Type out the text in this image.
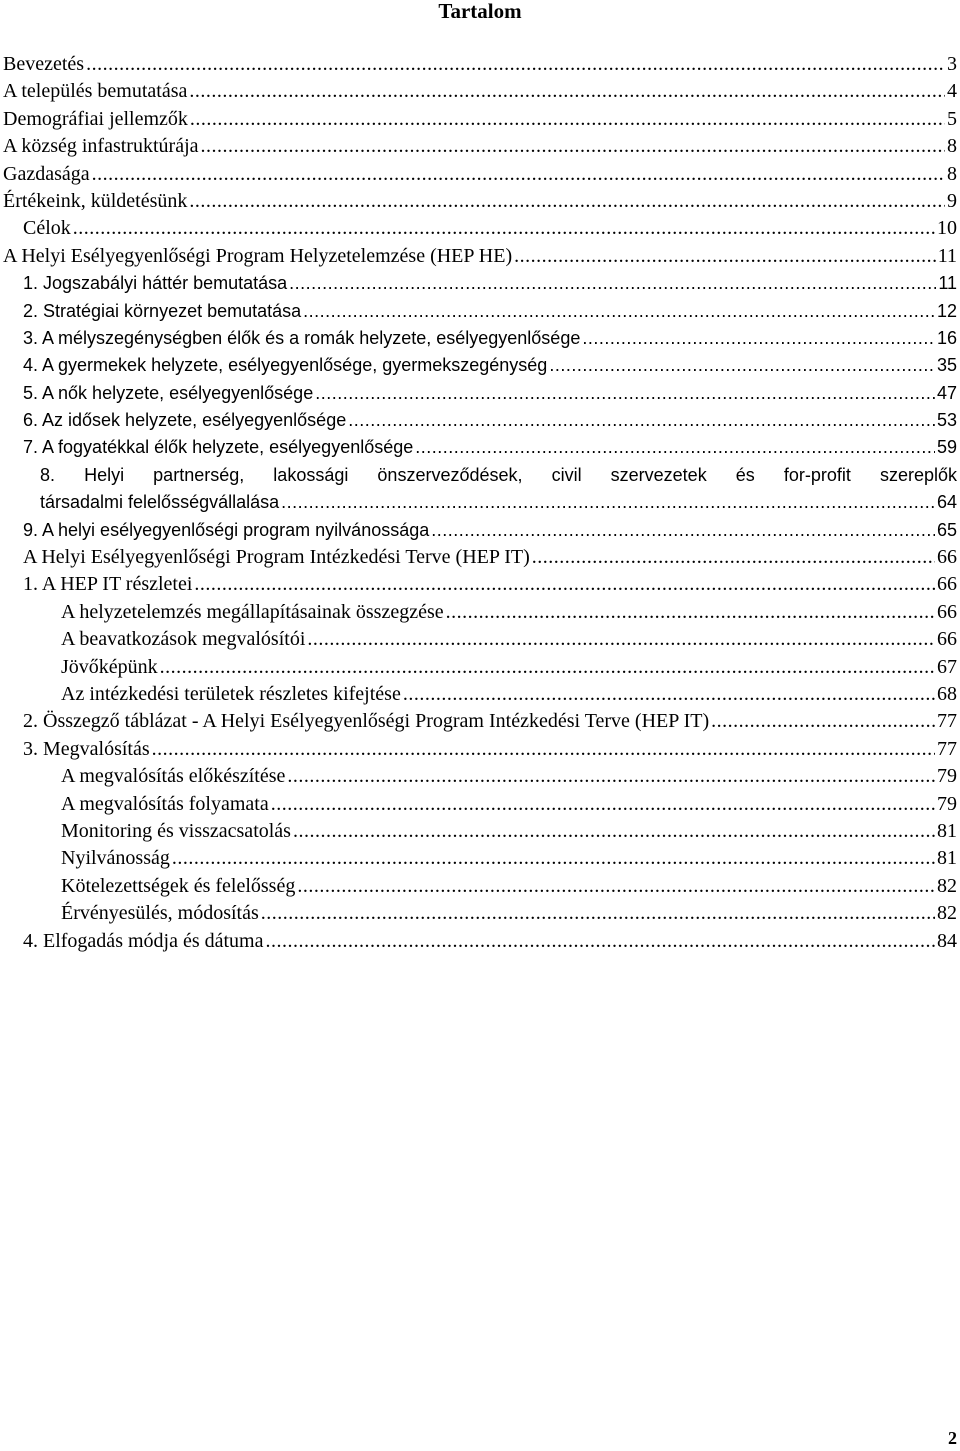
Tartalom
Bevezetés .....	3
A település bemutatása .....	4
Demográfiai jellemzők .....	5
A község infastruktúrája .....	8
Gazdasága .....	8
Értékeink, küldetésünk .....	9
Célok .....	10
A Helyi Esélyegyenlőségi Program Helyzetelemzése (HEP HE) .....	11
1. Jogszabályi háttér bemutatása .....	11
2. Stratégiai környezet bemutatása .....	12
3. A mélyszegénységben élők és a romák helyzete, esélyegyenlősége .....	16
4. A gyermekek helyzete, esélyegyenlősége, gyermekszegénység .....	35
5. A nők helyzete, esélyegyenlősége .....	47
6. Az idősek helyzete, esélyegyenlősége .....	53
7. A fogyatékkal élők helyzete, esélyegyenlősége .....	59
8. Helyi partnerség, lakossági önszerveződések, civil szervezetek és for-profit szereplők
társadalmi felelősségvállalása .....	64
9. A helyi esélyegyenlőségi program nyilvánossága .....	65
A Helyi Esélyegyenlőségi Program Intézkedési Terve (HEP IT) .....	66
1. A HEP IT részletei .....	66
A helyzetelemzés megállapításainak összegzése .....	66
A beavatkozások megvalósítói .....	66
Jövőképünk .....	67
Az intézkedési területek részletes kifejtése .....	68
2. Összegző táblázat - A Helyi Esélyegyenlőségi Program Intézkedési Terve (HEP IT) .....	77
3. Megvalósítás .....	77
A megvalósítás előkészítése .....	79
A megvalósítás folyamata .....	79
Monitoring és visszacsatolás .....	81
Nyilvánosság .....	81
Kötelezettségek és felelősség .....	82
Érvényesülés, módosítás .....	82
4. Elfogadás módja és dátuma .....	84
2
